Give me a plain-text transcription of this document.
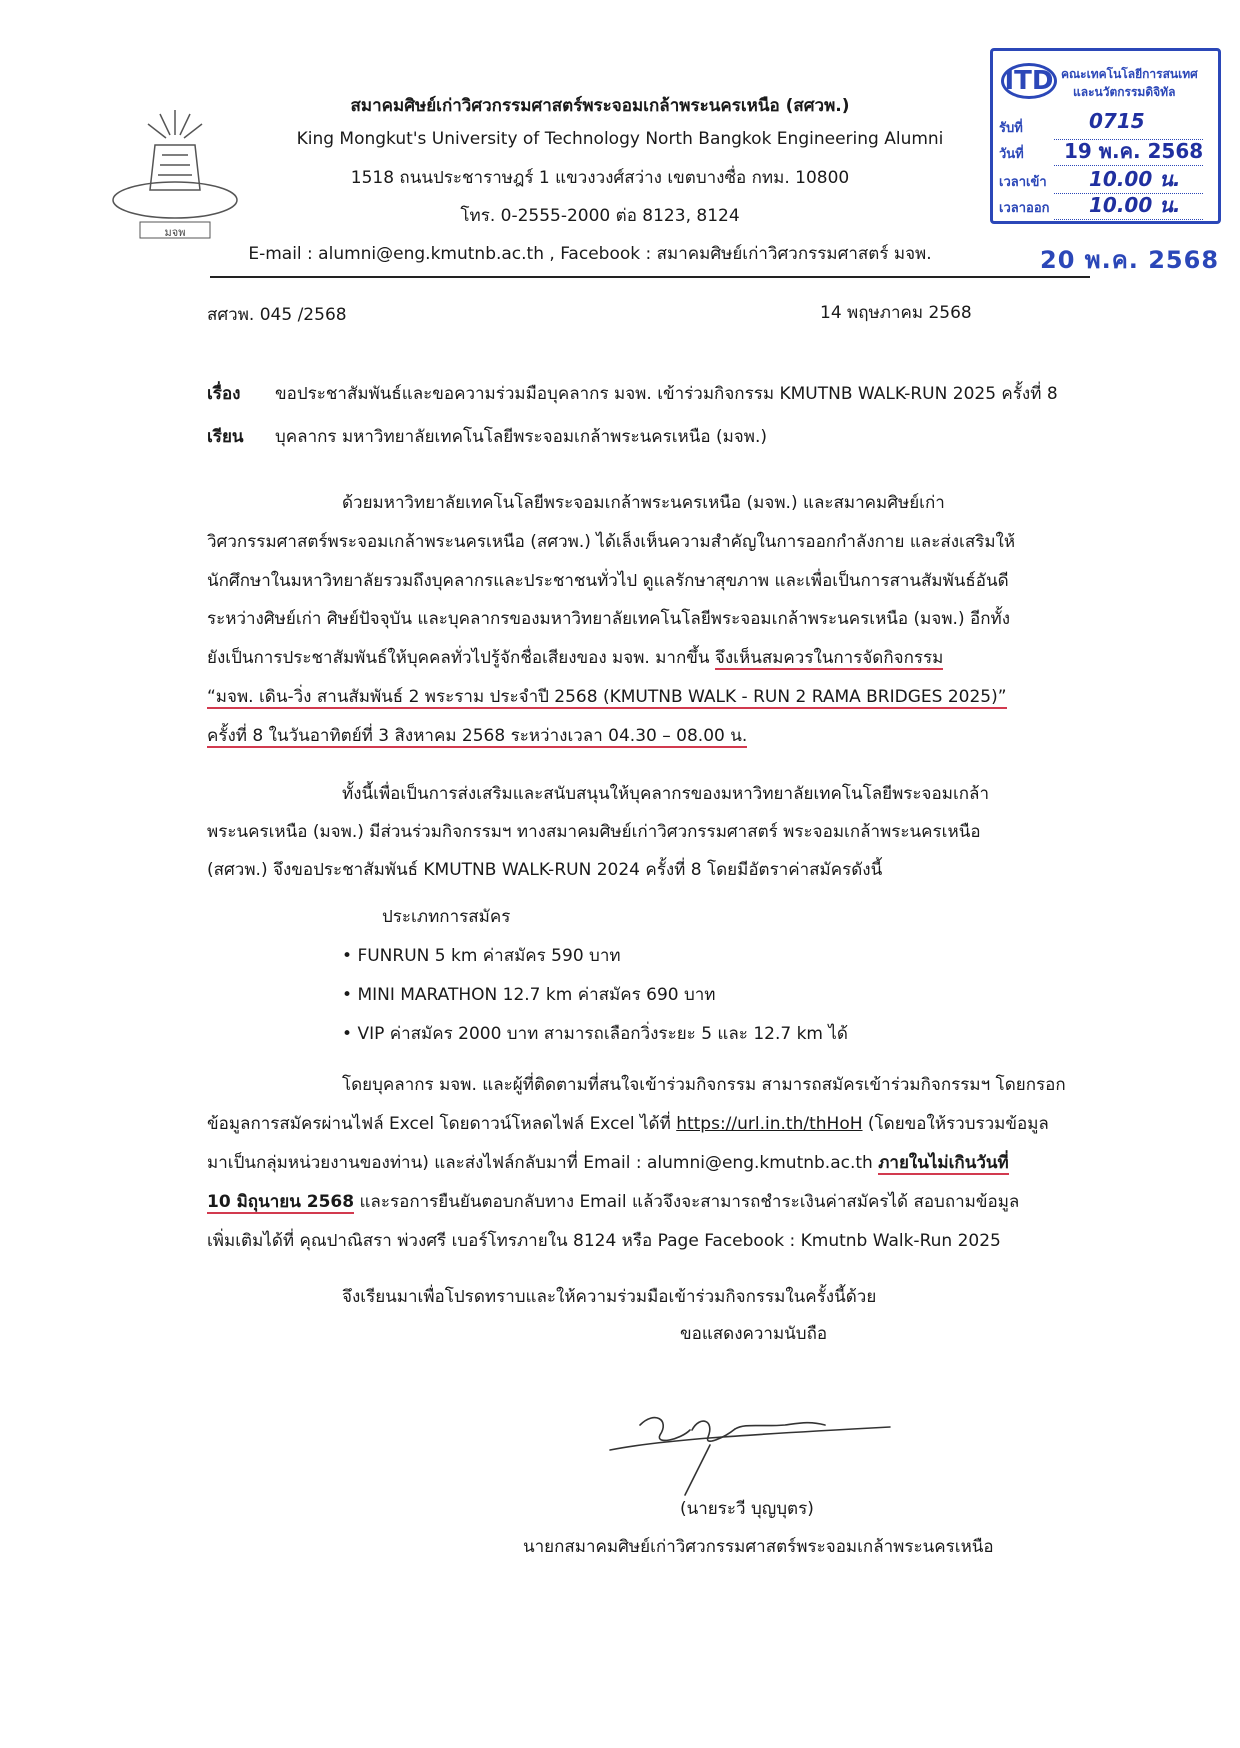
มจพ
สมาคมศิษย์เก่าวิศวกรรมศาสตร์พระจอมเกล้าพระนครเหนือ (สศวพ.)
King Mongkut's University of Technology North Bangkok Engineering Alumni
1518 ถนนประชาราษฎร์ 1 แขวงวงศ์สว่าง เขตบางซื่อ กทม. 10800
โทร. 0-2555-2000 ต่อ 8123, 8124
E-mail : alumni@eng.kmutnb.ac.th , Facebook : สมาคมศิษย์เก่าวิศวกรรมศาสตร์ มจพ.
ITD คณะเทคโนโลยีการสนเทศ
และนวัตกรรมดิจิทัล
รับที่	0715
วันที่ 19 พ.ค. 2568
เวลาเข้า 10.00 น.
เวลาออก 10.00 น.
20 พ.ค. 2568
สศวพ. 045 /2568	14 พฤษภาคม 2568
เรื่อง ขอประชาสัมพันธ์และขอความร่วมมือบุคลากร มจพ. เข้าร่วมกิจกรรม KMUTNB WALK-RUN 2025 ครั้งที่ 8
เรียน บุคลากร มหาวิทยาลัยเทคโนโลยีพระจอมเกล้าพระนครเหนือ (มจพ.)
ด้วยมหาวิทยาลัยเทคโนโลยีพระจอมเกล้าพระนครเหนือ (มจพ.) และสมาคมศิษย์เก่า
วิศวกรรมศาสตร์พระจอมเกล้าพระนครเหนือ (สศวพ.) ได้เล็งเห็นความสำคัญในการออกกำลังกาย และส่งเสริมให้
นักศึกษาในมหาวิทยาลัยรวมถึงบุคลากรและประชาชนทั่วไป ดูแลรักษาสุขภาพ และเพื่อเป็นการสานสัมพันธ์อันดี
ระหว่างศิษย์เก่า ศิษย์ปัจจุบัน และบุคลากรของมหาวิทยาลัยเทคโนโลยีพระจอมเกล้าพระนครเหนือ (มจพ.) อีกทั้ง
ยังเป็นการประชาสัมพันธ์ให้บุคคลทั่วไปรู้จักชื่อเสียงของ มจพ. มากขึ้น จึงเห็นสมควรในการจัดกิจกรรม
“มจพ. เดิน-วิ่ง สานสัมพันธ์ 2 พระราม ประจำปี 2568 (KMUTNB WALK - RUN 2 RAMA BRIDGES 2025)”
ครั้งที่ 8 ในวันอาทิตย์ที่ 3 สิงหาคม 2568 ระหว่างเวลา 04.30 – 08.00 น.
ทั้งนี้เพื่อเป็นการส่งเสริมและสนับสนุนให้บุคลากรของมหาวิทยาลัยเทคโนโลยีพระจอมเกล้า
พระนครเหนือ (มจพ.) มีส่วนร่วมกิจกรรมฯ ทางสมาคมศิษย์เก่าวิศวกรรมศาสตร์ พระจอมเกล้าพระนครเหนือ
(สศวพ.) จึงขอประชาสัมพันธ์ KMUTNB WALK-RUN 2024 ครั้งที่ 8 โดยมีอัตราค่าสมัครดังนี้
ประเภทการสมัคร
• FUNRUN 5 km ค่าสมัคร 590 บาท
• MINI MARATHON 12.7 km ค่าสมัคร 690 บาท
• VIP ค่าสมัคร 2000 บาท สามารถเลือกวิ่งระยะ 5 และ 12.7 km ได้
โดยบุคลากร มจพ. และผู้ที่ติดตามที่สนใจเข้าร่วมกิจกรรม สามารถสมัครเข้าร่วมกิจกรรมฯ โดยกรอก
ข้อมูลการสมัครผ่านไฟล์ Excel โดยดาวน์โหลดไฟล์ Excel ได้ที่ https://url.in.th/thHoH (โดยขอให้รวบรวมข้อมูล
มาเป็นกลุ่มหน่วยงานของท่าน) และส่งไฟล์กลับมาที่ Email : alumni@eng.kmutnb.ac.th ภายในไม่เกินวันที่
10 มิถุนายน 2568 และรอการยืนยันตอบกลับทาง Email แล้วจึงจะสามารถชำระเงินค่าสมัครได้ สอบถามข้อมูล
เพิ่มเติมได้ที่ คุณปาณิสรา พ่วงศรี เบอร์โทรภายใน 8124 หรือ Page Facebook : Kmutnb Walk-Run 2025
จึงเรียนมาเพื่อโปรดทราบและให้ความร่วมมือเข้าร่วมกิจกรรมในครั้งนี้ด้วย
ขอแสดงความนับถือ
(นายระวี บุญบุตร)
นายกสมาคมศิษย์เก่าวิศวกรรมศาสตร์พระจอมเกล้าพระนครเหนือ
